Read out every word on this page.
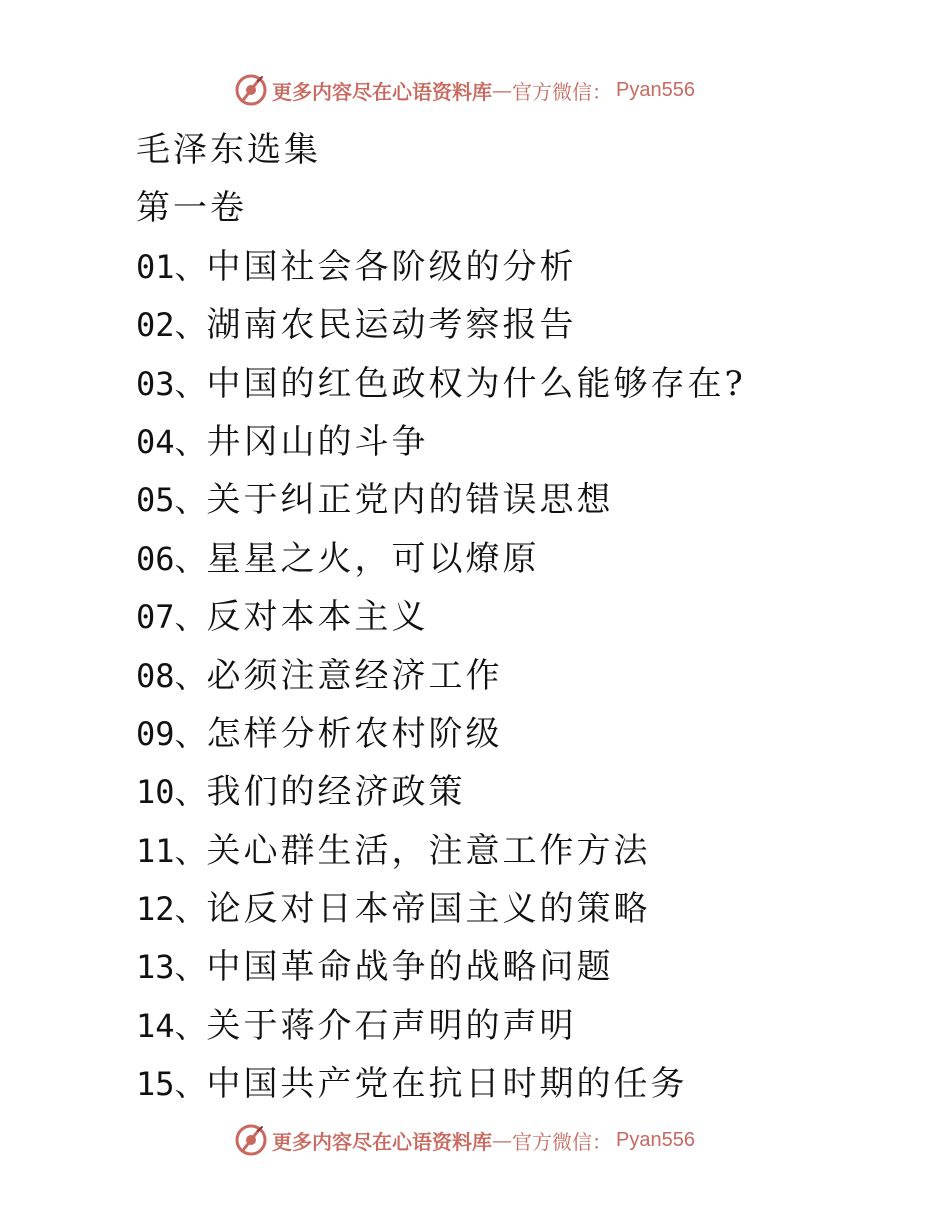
更多内容尽在心语资料库 — 官方微信： Pyan556
毛泽东选集
第一卷
01、中国社会各阶级的分析
02、湖南农民运动考察报告
03、中国的红色政权为什么能够存在?
04、井冈山的斗争
05、关于纠正党内的错误思想
06、星星之火，可以燎原
07、反对本本主义
08、必须注意经济工作
09、怎样分析农村阶级
10、我们的经济政策
11、关心群生活，注意工作方法
12、论反对日本帝国主义的策略
13、中国革命战争的战略问题
14、关于蒋介石声明的声明
15、中国共产党在抗日时期的任务
更多内容尽在心语资料库 — 官方微信： Pyan556
